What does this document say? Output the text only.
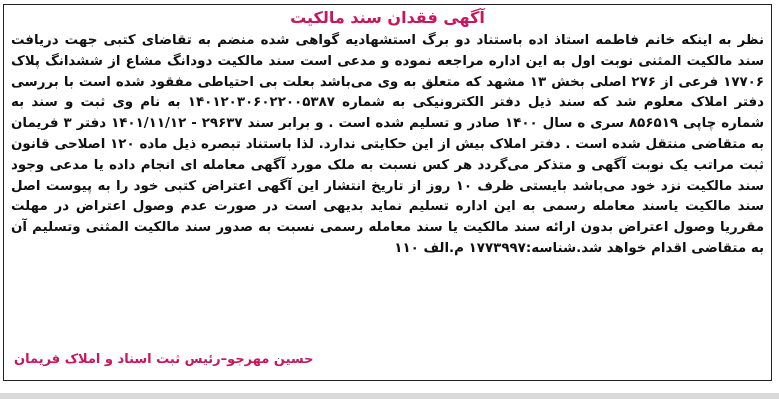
آگهی فقدان سند مالکیت
نظر به اینکه خانم فاطمه استاذ اده باستناد دو برگ استشهادیه گواهی شده منضم به تقاضای کتبی جهت دریافت سند مالکیت المثنی نوبت اول به این اداره مراجعه نموده و مدعی است سند مالکیت دودانگ مشاع از ششدانگ پلاک ۱۷۷۰۶ فرعی از ۲۷۶ اصلی بخش ۱۳ مشهد که متعلق به وی می‌باشد بعلت بی احتیاطی مفقود شده است با بررسی دفتر املاک معلوم شد که سند ذیل دفتر الکترونیکی به شماره ۱۴۰۱۲۰۳۰۶۰۲۲۰۰۵۳۸۷ به نام وی ثبت و سند به شماره چاپی ۸۵۶۵۱۹ سری ه سال ۱۴۰۰ صادر و تسلیم شده است . و برابر سند ۲۹۶۳۷ - ۱۴۰۱/۱۱/۱۲ دفتر ۳ فریمان به متقاضی منتقل شده است . دفتر املاک بیش از این حکایتی ندارد. لذا باستناد تبصره ذیل ماده ۱۲۰ اصلاحی قانون ثبت مراتب یک نوبت آگهی و متذکر می‌گردد هر کس نسبت به ملک مورد آگهی معامله ای انجام داده یا مدعی وجود سند مالکیت نزد خود می‌باشد بایستی ظرف ۱۰ روز از تاریخ انتشار این آگهی اعتراض کتبی خود را به پیوست اصل سند مالکیت یاسند معامله رسمی به این اداره تسلیم نماید بدیهی است در صورت عدم وصول اعتراض در مهلت مقرریا وصول اعتراض بدون ارائه سند مالکیت یا سند معامله رسمی نسبت به صدور سند مالکیت المثنی وتسلیم آن به متقاضی اقدام خواهد شد.شناسه:۱۷۷۳۹۹۷ م.الف ۱۱۰
حسین مهرجو–رئیس ثبت اسناد و املاک فریمان
